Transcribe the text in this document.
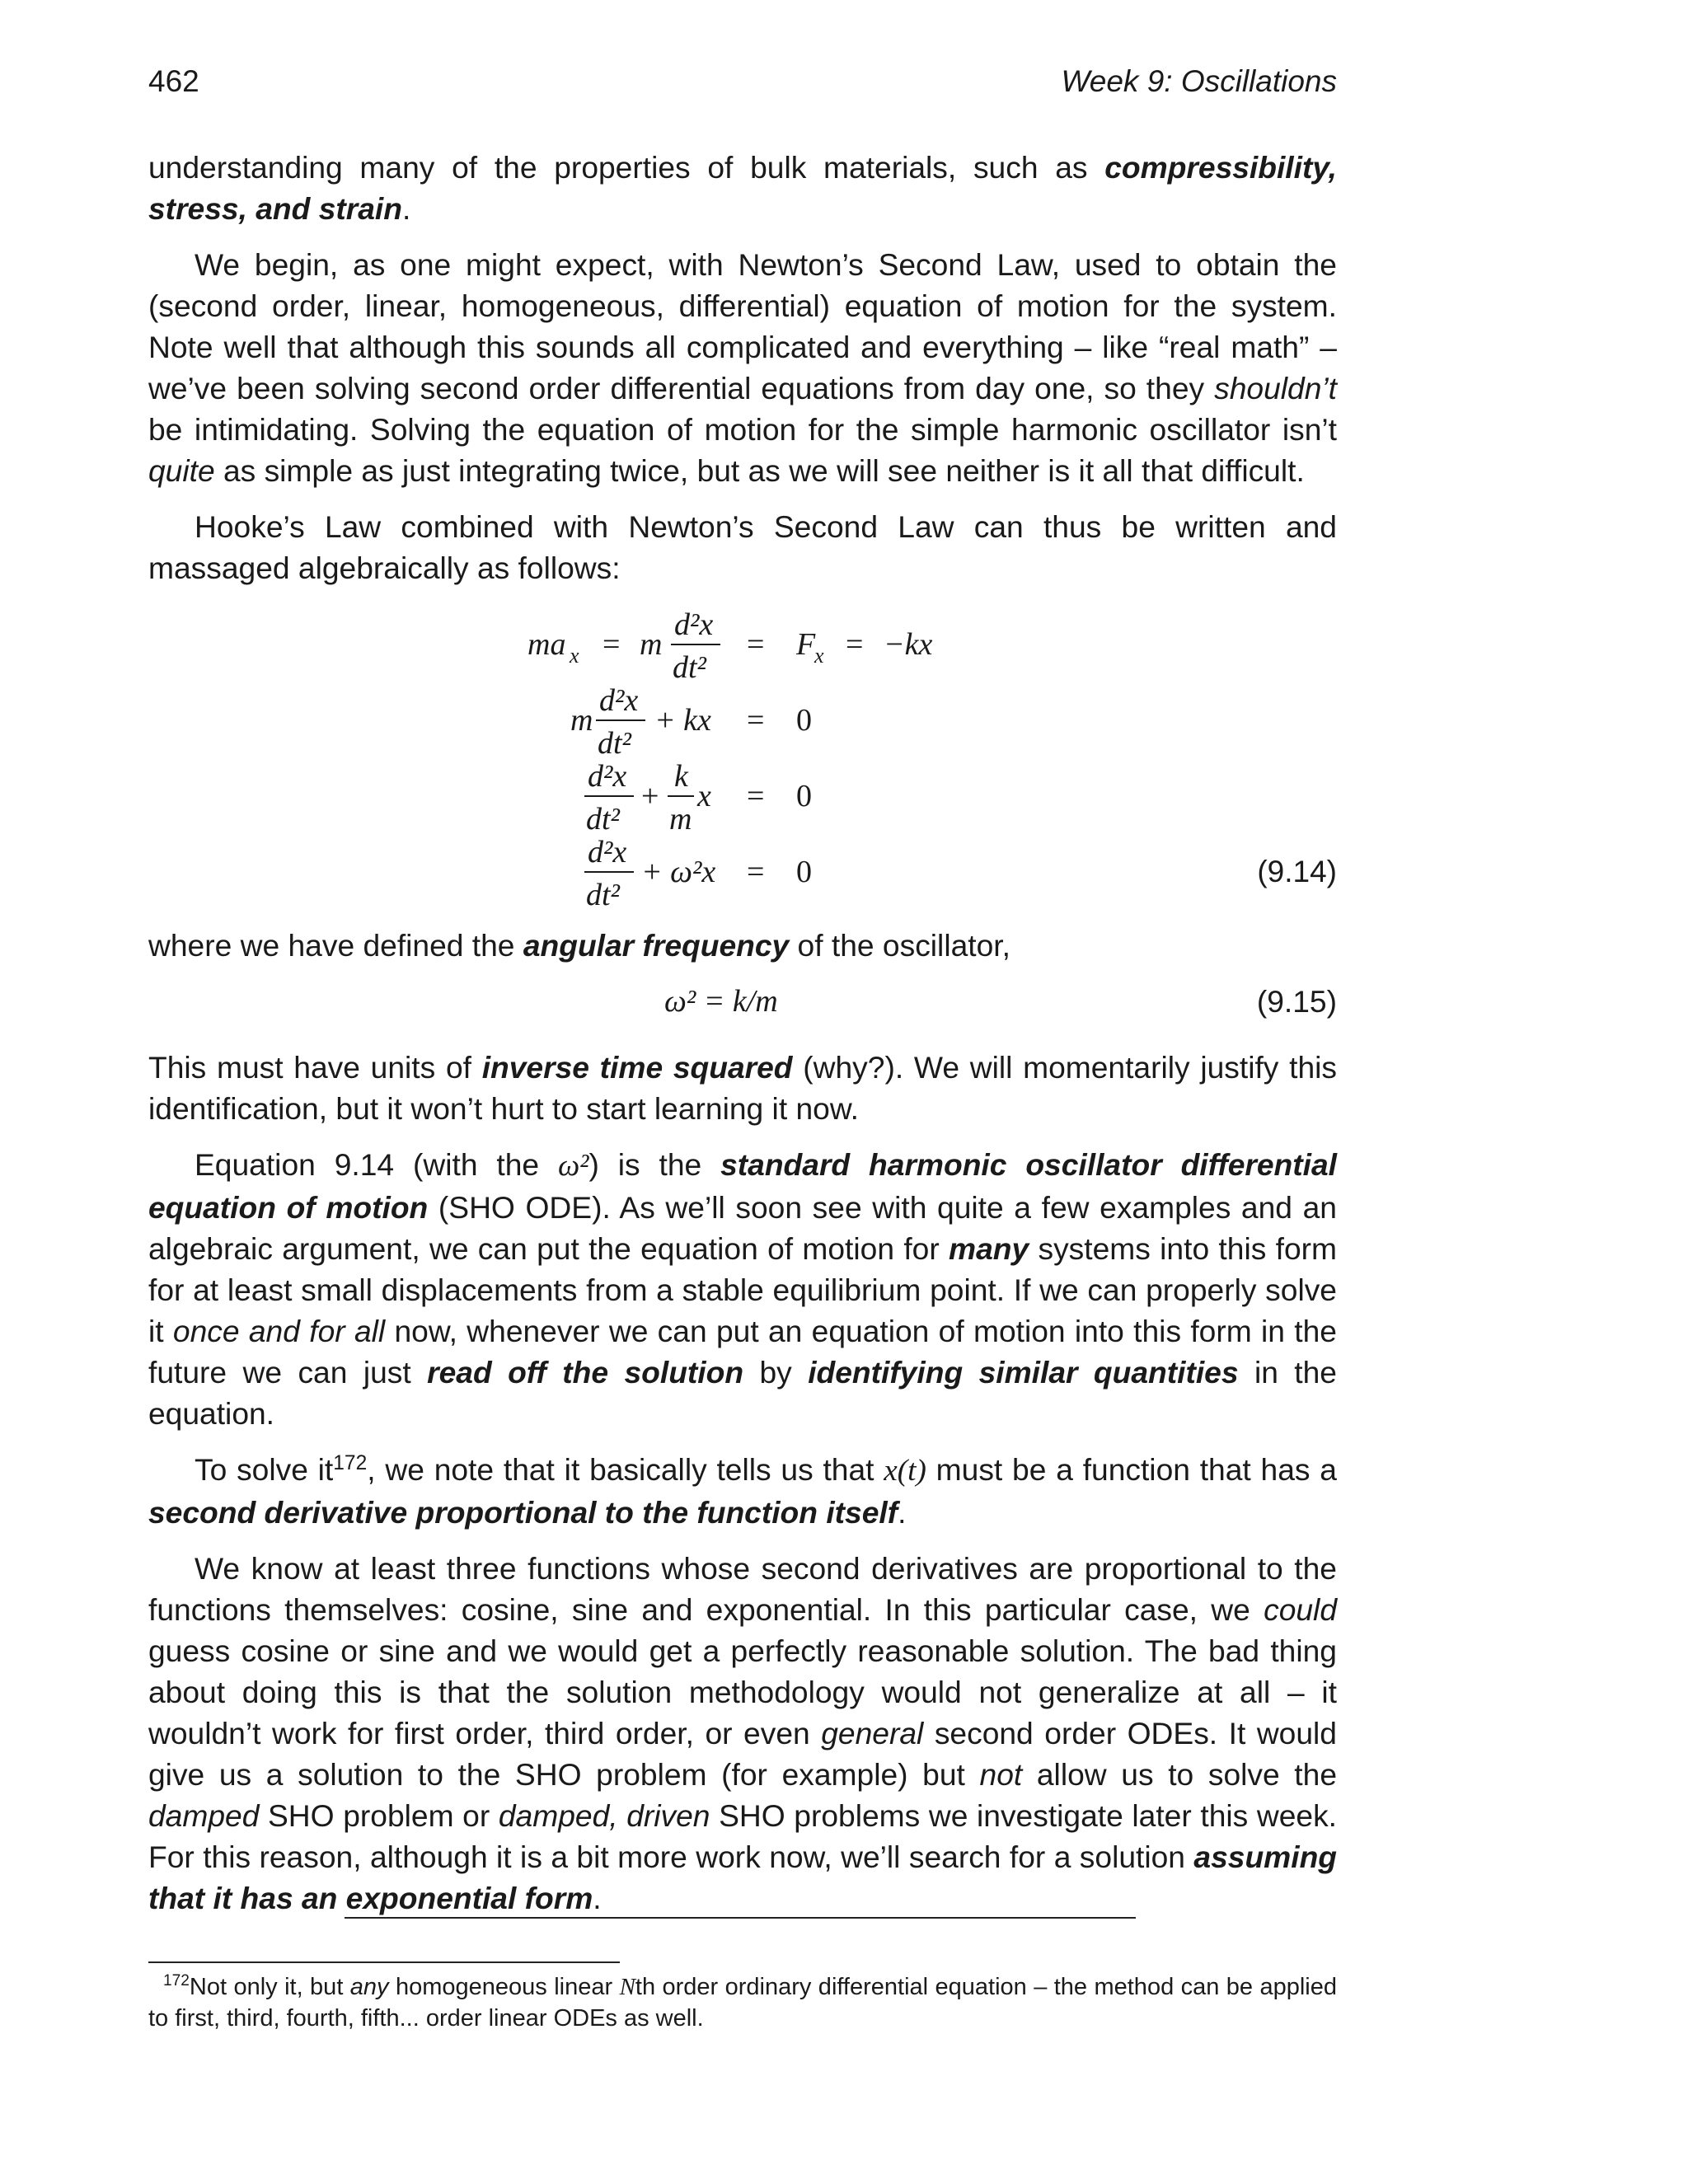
462	Week 9: Oscillations

understanding many of the properties of bulk materials, such as compressibility, stress, and strain.

We begin, as one might expect, with Newton’s Second Law, used to obtain the (second order, linear, homogeneous, differential) equation of motion for the system. Note well that although this sounds all complicated and everything – like “real math” – we’ve been solving second order differential equations from day one, so they shouldn’t be intimidating. Solving the equation of motion for the simple harmonic oscillator isn’t quite as simple as just integrating twice, but as we will see neither is it all that difficult.

Hooke’s Law combined with Newton’s Second Law can thus be written and massaged algebraically as follows:

ma x = m
d²x
dt²
= F
x = −kx
m
d²x
dt²
+ kx = 0
d²x
dt²
+
k
m
x = 0
d²x
dt²
+ ω²x = 0	(9.14)

where we have defined the angular frequency of the oscillator,

ω² = k/m	(9.15)

This must have units of inverse time squared (why?). We will momentarily justify this identification, but it won’t hurt to start learning it now.

Equation 9.14 (with the ω²) is the standard harmonic oscillator differential equation of motion (SHO ODE). As we’ll soon see with quite a few examples and an algebraic argument, we can put the equation of motion for many systems into this form for at least small displacements from a stable equilibrium point. If we can properly solve it once and for all now, whenever we can put an equation of motion into this form in the future we can just read off the solution by identifying similar quantities in the equation.

To solve $it^{172}$, we note that it basically tells us that x(t) must be a function that has a second derivative proportional to the function itself.

We know at least three functions whose second derivatives are proportional to the functions themselves: cosine, sine and exponential. In this particular case, we could guess cosine or sine and we would get a perfectly reasonable solution. The bad thing about doing this is that the solution methodology would not generalize at all – it wouldn’t work for first order, third order, or even general second order ODEs. It would give us a solution to the SHO problem (for example) but not allow us to solve the damped SHO problem or damped, driven SHO problems we investigate later this week. For this reason, although it is a bit more work now, we’ll search for a solution assuming that it has an exponential form.

$^{172}$Not only it, but any homogeneous linear Nth order ordinary differential equation – the method can be applied to first, third, fourth, fifth... order linear ODEs as well.
